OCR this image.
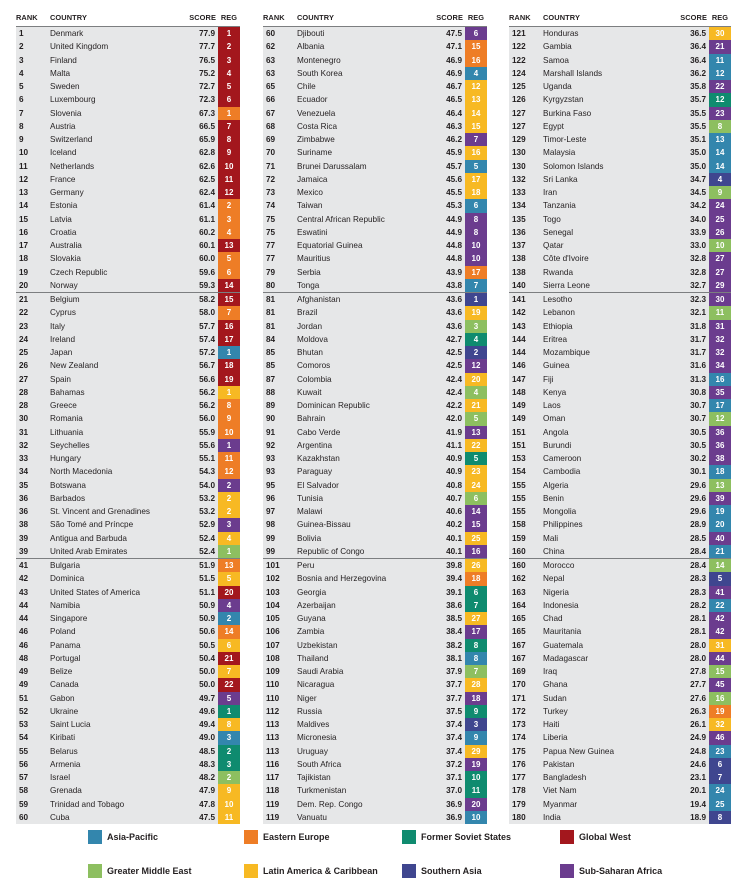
RANK	COUNTRY	SCORE REG
1	Denmark	77.9	1
2	United Kingdom	77.7	2
3	Finland	76.5	3
4	Malta	75.2	4
5	Sweden	72.7	5
6	Luxembourg	72.3	6
7	Slovenia	67.3	1
8	Austria	66.5	7
9	Switzerland	65.9	8
10	Iceland	62.8	9
11	Netherlands	62.6	10
12	France	62.5	11
13	Germany	62.4	12
14	Estonia	61.4	2
15	Latvia	61.1	3
16	Croatia	60.2	4
17	Australia	60.1	13
18	Slovakia	60.0	5
19	Czech Republic	59.6	6
20	Norway	59.3	14
21	Belgium	58.2	15
22	Cyprus	58.0	7
23	Italy	57.7	16
24	Ireland	57.4	17
25	Japan	57.2	1
26	New Zealand	56.7	18
27	Spain	56.6	19
28	Bahamas	56.2	1
28	Greece	56.2	8
30	Romania	56.0	9
31	Lithuania	55.9	10
32	Seychelles	55.6	1
33	Hungary	55.1	11
34	North Macedonia	54.3	12
35	Botswana	54.0	2
36	Barbados	53.2	2
36	St. Vincent and Grenadines	53.2	2
38	São Tomé and Príncpe	52.9	3
39	Antigua and Barbuda	52.4	4
39	United Arab Emirates	52.4	1
41	Bulgaria	51.9	13
42	Dominica	51.5	5
43	United States of America	51.1	20
44	Namibia	50.9	4
44	Singapore	50.9	2
46	Poland	50.6	14
46	Panama	50.5	6
48	Portugal	50.4	21
49	Belize	50.0	7
49	Canada	50.0	22
51	Gabon	49.7	5
52	Ukraine	49.6	1
53	Saint Lucia	49.4	8
54	Kiribati	49.0	3
55	Belarus	48.5	2
56	Armenia	48.3	3
57	Israel	48.2	2
58	Grenada	47.9	9
59	Trinidad and Tobago	47.8	10
60	Cuba	47.5	11
RANK	COUNTRY	SCORE REG
60	Djibouti	47.5	6
62	Albania	47.1	15
63	Montenegro	46.9	16
63	South Korea	46.9	4
65	Chile	46.7	12
66	Ecuador	46.5	13
67	Venezuela	46.4	14
68	Costa Rica	46.3	15
69	Zimbabwe	46.2	7
70	Suriname	45.9	16
71	Brunei Darussalam	45.7	5
72	Jamaica	45.6	17
73	Mexico	45.5	18
74	Taiwan	45.3	6
75	Central African Republic	44.9	8
75	Eswatini	44.9	8
77	Equatorial Guinea	44.8	10
77	Mauritius	44.8	10
79	Serbia	43.9	17
80	Tonga	43.8	7
81	Afghanistan	43.6	1
81	Brazil	43.6	19
81	Jordan	43.6	3
84	Moldova	42.7	4
85	Bhutan	42.5	2
85	Comoros	42.5	12
87	Colombia	42.4	20
88	Kuwait	42.4	4
89	Dominican Republic	42.2	21
90	Bahrain	42.0	5
91	Cabo Verde	41.9	13
92	Argentina	41.1	22
93	Kazakhstan	40.9	5
93	Paraguay	40.9	23
95	El Salvador	40.8	24
96	Tunisia	40.7	6
97	Malawi	40.6	14
98	Guinea-Bissau	40.2	15
99	Bolivia	40.1	25
99	Republic of Congo	40.1	16
101	Peru	39.8	26
102	Bosnia and Herzegovina	39.4	18
103	Georgia	39.1	6
104	Azerbaijan	38.6	7
105	Guyana	38.5	27
106	Zambia	38.4	17
107	Uzbekistan	38.2	8
108	Thailand	38.1	8
109	Saudi Arabia	37.9	7
110	Nicaragua	37.7	28
110	Niger	37.7	18
112	Russia	37.5	9
113	Maldives	37.4	3
113	Micronesia	37.4	9
113	Uruguay	37.4	29
116	South Africa	37.2	19
117	Tajikistan	37.1	10
118	Turkmenistan	37.0	11
119	Dem. Rep. Congo	36.9	20
119	Vanuatu	36.9	10
RANK	COUNTRY	SCORE REG
121	Honduras	36.5	30
122	Gambia	36.4	21
122	Samoa	36.4	11
124	Marshall Islands	36.2	12
125	Uganda	35.8	22
126	Kyrgyzstan	35.7	12
127	Burkina Faso	35.5	23
127	Egypt	35.5	8
129	Timor-Leste	35.1	13
130	Malaysia	35.0	14
130	Solomon Islands	35.0	14
132	Sri Lanka	34.7	4
133	Iran	34.5	9
134	Tanzania	34.2	24
135	Togo	34.0	25
136	Senegal	33.9	26
137	Qatar	33.0	10
138	Côte d'Ivoire	32.8	27
138	Rwanda	32.8	27
140	Sierra Leone	32.7	29
141	Lesotho	32.3	30
142	Lebanon	32.1	11
143	Ethiopia	31.8	31
144	Eritrea	31.7	32
144	Mozambique	31.7	32
146	Guinea	31.6	34
147	Fiji	31.3	16
148	Kenya	30.8	35
149	Laos	30.7	17
149	Oman	30.7	12
151	Angola	30.5	36
151	Burundi	30.5	36
153	Cameroon	30.2	38
154	Cambodia	30.1	18
155	Algeria	29.6	13
155	Benin	29.6	39
155	Mongolia	29.6	19
158	Philippines	28.9	20
159	Mali	28.5	40
160	China	28.4	21
160	Morocco	28.4	14
162	Nepal	28.3	5
163	Nigeria	28.3	41
164	Indonesia	28.2	22
165	Chad	28.1	42
165	Mauritania	28.1	42
167	Guatemala	28.0	31
167	Madagascar	28.0	44
169	Iraq	27.8	15
170	Ghana	27.7	45
171	Sudan	27.6	16
172	Turkey	26.3	19
173	Haiti	26.1	32
174	Liberia	24.9	46
175	Papua New Guinea	24.8	23
176	Pakistan	24.6	6
177	Bangladesh	23.1	7
178	Viet Nam	20.1	24
179	Myanmar	19.4	25
180	India	18.9	8
Asia-Pacific	Eastern Europe	Former Soviet States	Global West
Greater Middle East	Latin America & Caribbean	Southern Asia	Sub-Saharan Africa
